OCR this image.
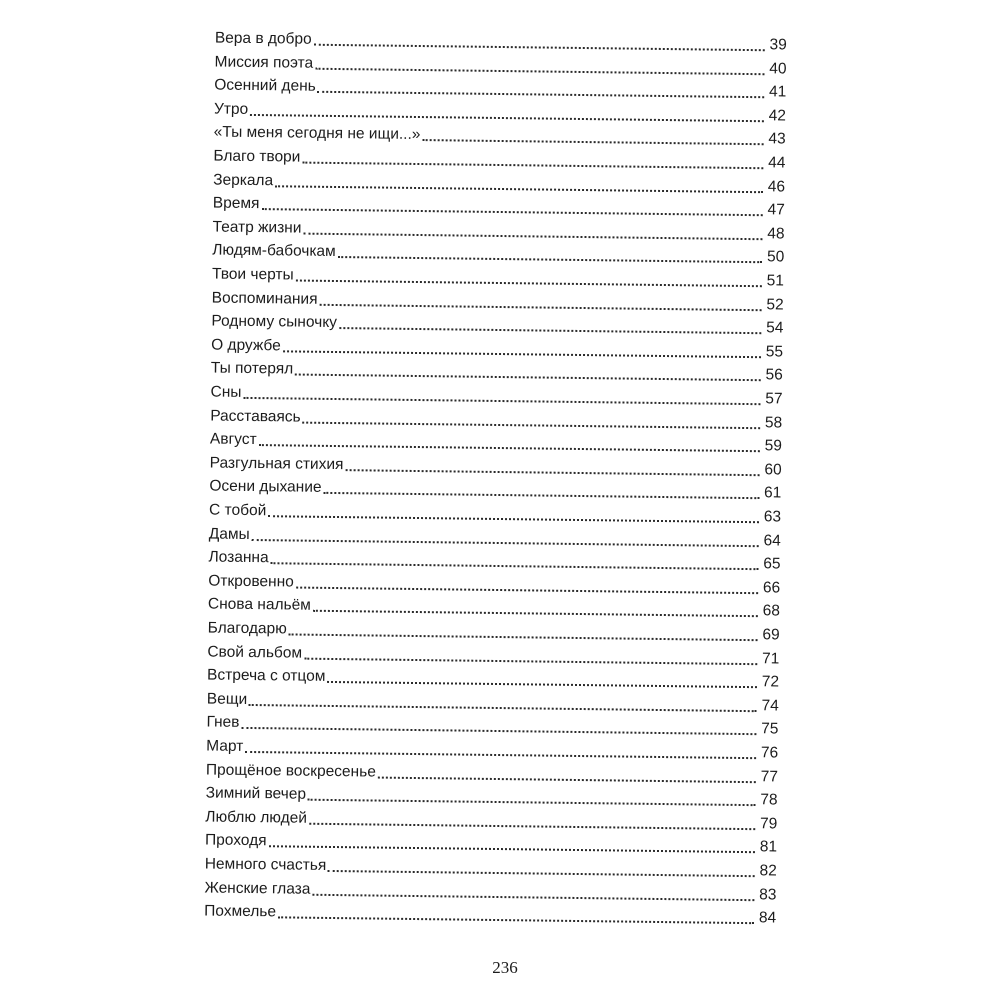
Вера в добро	39
Миссия поэта	40
Осенний день	41
Утро	42
«Ты меня сегодня не ищи...»	43
Благо твори	44
Зеркала	46
Время	47
Театр жизни	48
Людям-бабочкам	50
Твои черты	51
Воспоминания	52
Родному сыночку	54
О дружбе	55
Ты потерял	56
Сны	57
Расставаясь	58
Август	59
Разгульная стихия	60
Осени дыхание	61
С тобой	63
Дамы	64
Лозанна	65
Откровенно	66
Снова нальём	68
Благодарю	69
Свой альбом	71
Встреча с отцом	72
Вещи	74
Гнев	75
Март	76
Прощёное воскресенье	77
Зимний вечер	78
Люблю людей	79
Проходя	81
Немного счастья	82
Женские глаза	83
Похмелье	84
236
